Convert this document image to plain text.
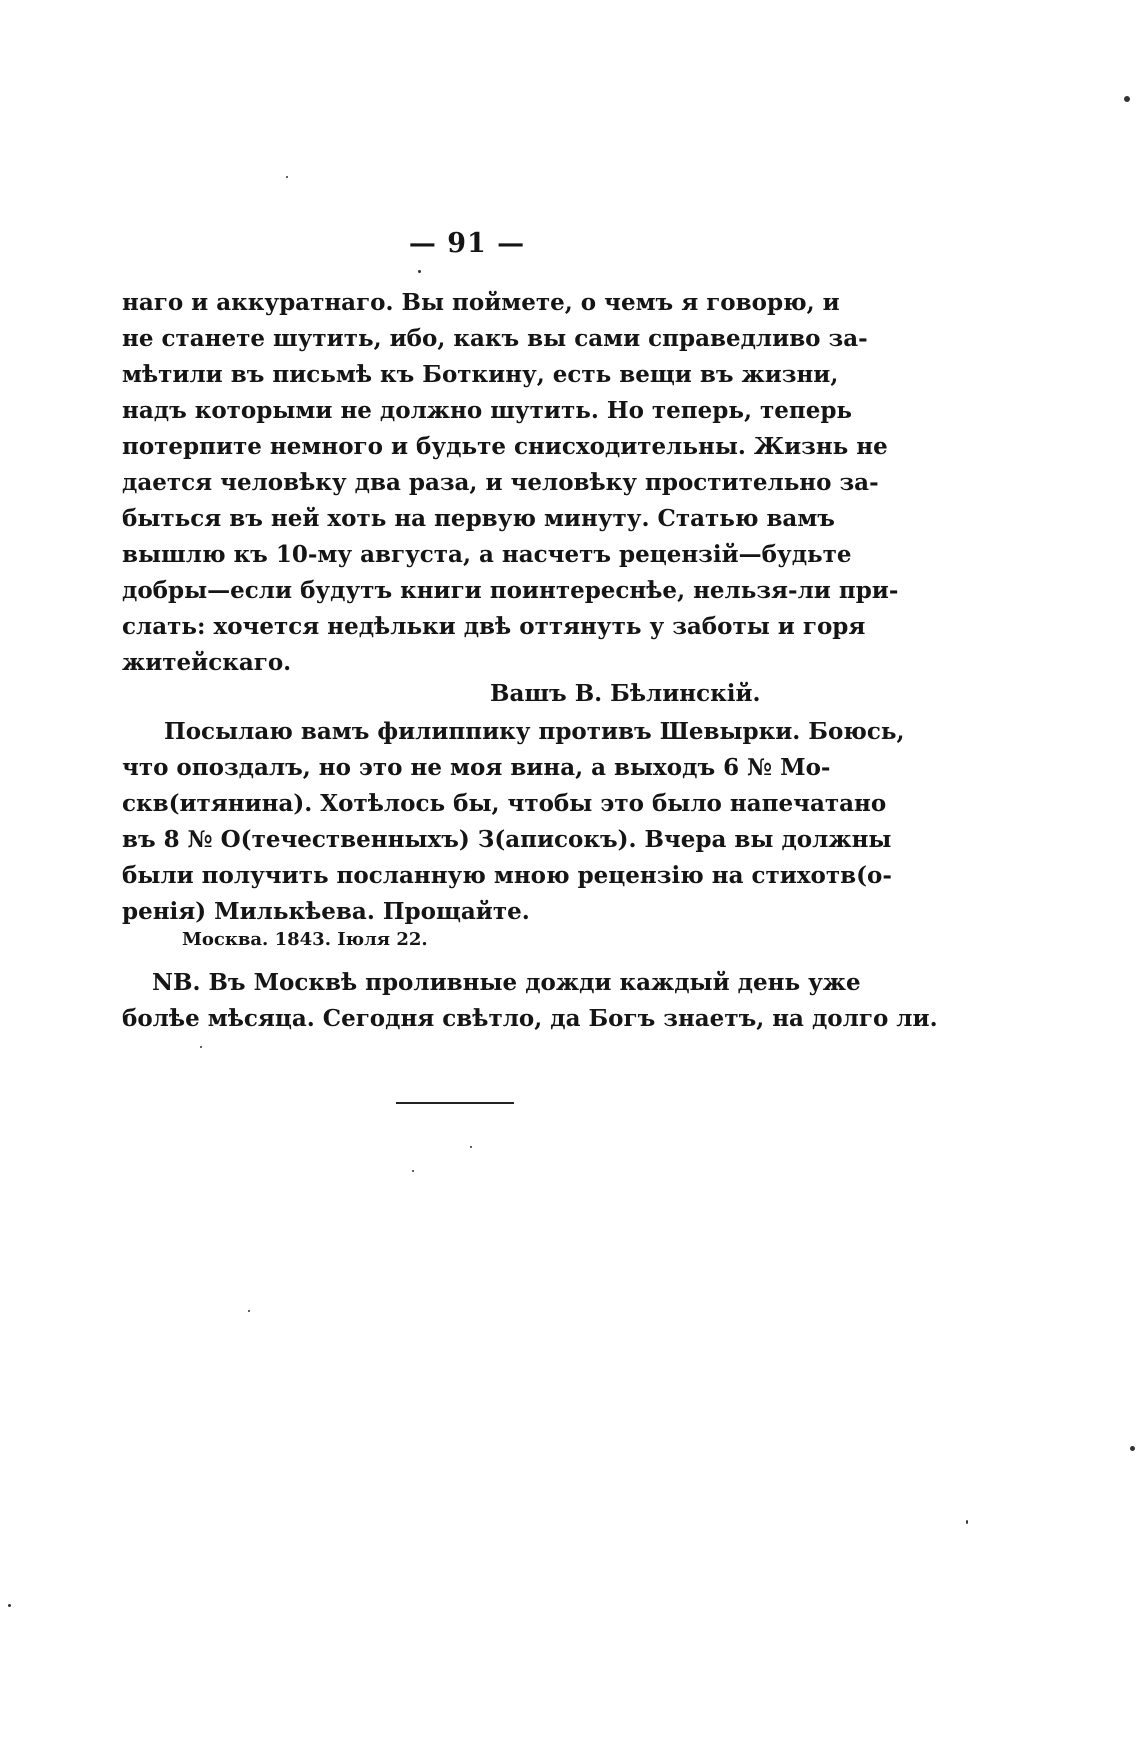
— 91 —
наго и аккуратнаго. Вы поймете, о чемъ я говорю, и
не станете шутить, ибо, какъ вы сами справедливо за-
мѣтили въ письмѣ къ Боткину, есть вещи въ жизни,
надъ которыми не должно шутить. Но теперь, теперь
потерпите немного и будьте снисходительны. Жизнь не
дается человѣку два раза, и человѣку простительно за-
быться въ ней хоть на первую минуту. Статью вамъ
вышлю къ 10-му августа, а насчетъ рецензій—будьте
добры—если будутъ книги поинтереснѣе, нельзя-ли при-
слать: хочется недѣльки двѣ оттянуть у заботы и горя
житейскаго.
Вашъ В. Бѣлинскій.
Посылаю вамъ филиппику противъ Шевырки. Боюсь,
что опоздалъ, но это не моя вина, а выходъ 6 № Мо-
скв(итянина). Хотѣлось бы, чтобы это было напечатано
въ 8 № О(течественныхъ) З(аписокъ). Вчера вы должны
были получить посланную мною рецензію на стихотв(о-
ренія) Милькѣева. Прощайте.
Москва. 1843. Іюля 22.
NB. Въ Москвѣ проливные дожди каждый день уже
болѣе мѣсяца. Сегодня свѣтло, да Богъ знаетъ, на долго ли.
